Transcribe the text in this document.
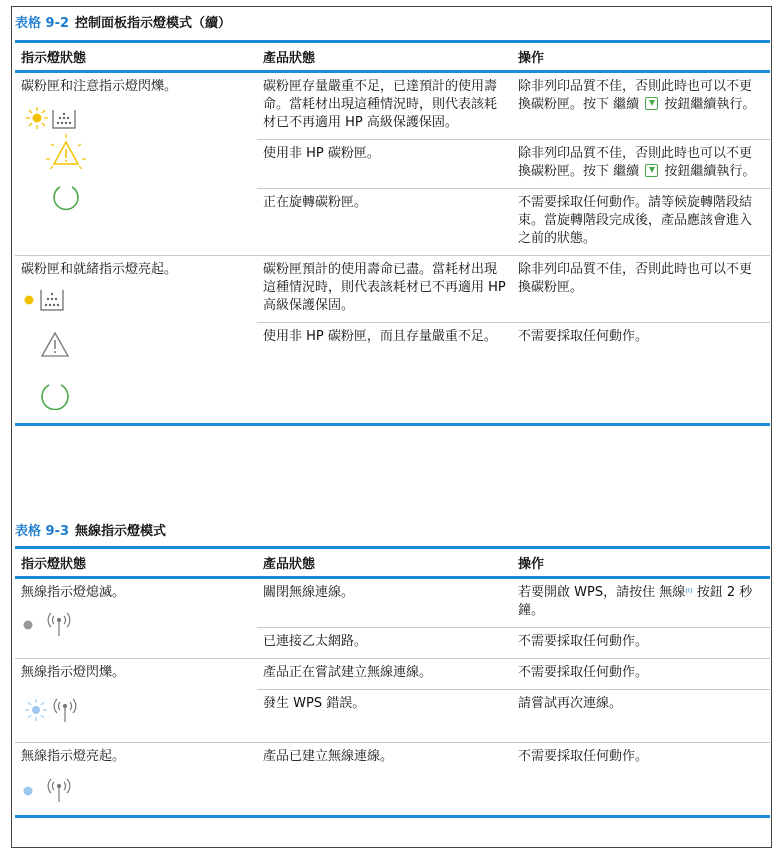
表格 9-2 控制面板指示燈模式（續）
指示燈狀態	產品狀態	操作

碳粉匣和注意指示燈閃爍。	碳粉匣存量嚴重不足，已達預計的使用壽命。當耗材出現這種情況時，則代表該耗材已不再適用 HP 高級保護保固。	除非列印品質不佳，否則此時也可以不更換碳粉匣。按下 繼續  按鈕繼續執行。
	使用非 HP 碳粉匣。	除非列印品質不佳，否則此時也可以不更換碳粉匣。按下 繼續  按鈕繼續執行。
	正在旋轉碳粉匣。	不需要採取任何動作。請等候旋轉階段結束。當旋轉階段完成後，產品應該會進入之前的狀態。

碳粉匣和就緒指示燈亮起。	碳粉匣預計的使用壽命已盡。當耗材出現這種情況時，則代表該耗材已不再適用 HP 高級保護保固。	除非列印品質不佳，否則此時也可以不更換碳粉匣。
	使用非 HP 碳粉匣，而且存量嚴重不足。	不需要採取任何動作。
表格 9-3 無線指示燈模式
指示燈狀態	產品狀態	操作

無線指示燈熄滅。	關閉無線連線。	若要開啟 WPS，請按住 無線⁽ⁱ⁾ 按鈕 2 秒鐘。
	已連接乙太網路。	不需要採取任何動作。

無線指示燈閃爍。	產品正在嘗試建立無線連線。	不需要採取任何動作。
	發生 WPS 錯誤。	請嘗試再次連線。

無線指示燈亮起。	產品已建立無線連線。	不需要採取任何動作。
